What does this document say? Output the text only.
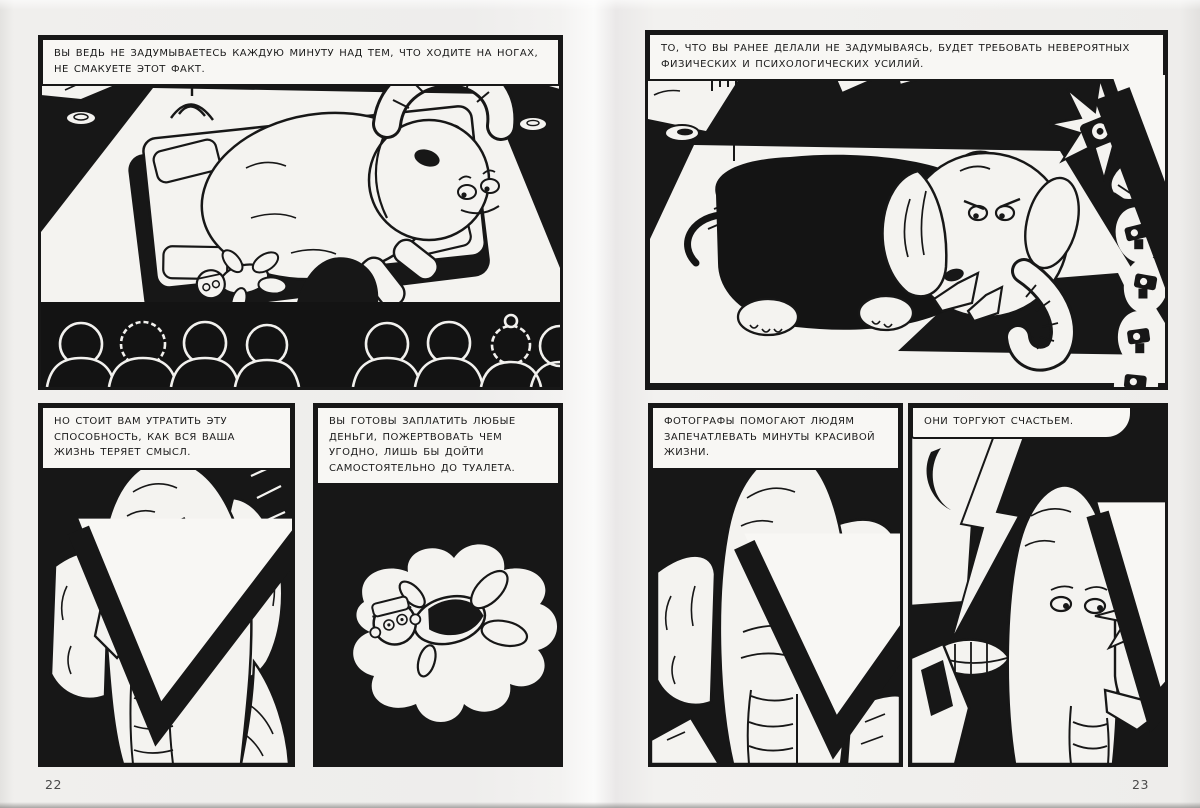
ВЫ ВЕДЬ НЕ ЗАДУМЫВАЕТЕСЬ КАЖДУЮ МИНУТУ НАД ТЕМ, ЧТО ХОДИТЕ НА НОГАХ, НЕ СМАКУЕТЕ ЭТОТ ФАКТ.
НО СТОИТ ВАМ УТРАТИТЬ ЭТУ СПОСОБНОСТЬ, КАК ВСЯ ВАША ЖИЗНЬ ТЕРЯЕТ СМЫСЛ.
ВЫ ГОТОВЫ ЗАПЛАТИТЬ ЛЮБЫЕ ДЕНЬГИ, ПОЖЕРТВОВАТЬ ЧЕМ УГОДНО, ЛИШЬ БЫ ДОЙТИ САМОСТОЯТЕЛЬНО ДО ТУАЛЕТА.
22
ТО, ЧТО ВЫ РАНЕЕ ДЕЛАЛИ НЕ ЗАДУМЫВАЯСЬ, БУДЕТ ТРЕБОВАТЬ НЕВЕРОЯТНЫХ ФИЗИЧЕСКИХ И ПСИХОЛОГИЧЕСКИХ УСИЛИЙ.
ФОТОГРАФЫ ПОМОГАЮТ ЛЮДЯМ ЗАПЕЧАТЛЕВАТЬ МИНУТЫ КРАСИВОЙ ЖИЗНИ.
ОНИ ТОРГУЮТ СЧАСТЬЕМ.
23
